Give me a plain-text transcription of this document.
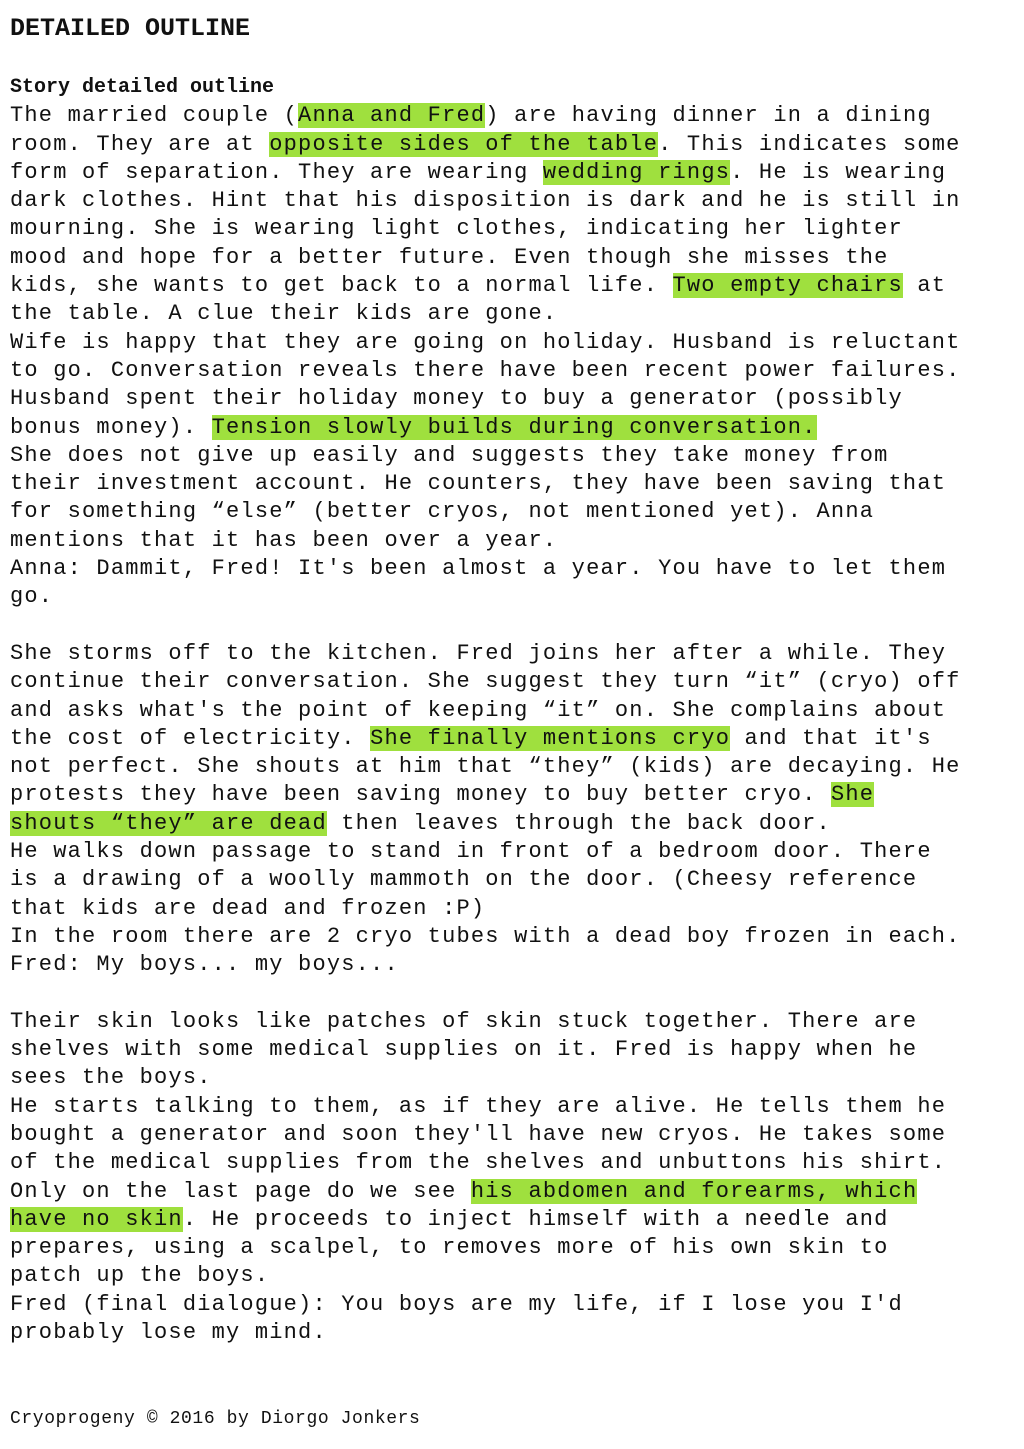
DETAILED OUTLINE
Story detailed outline
The married couple (Anna and Fred) are having dinner in a dining
room. They are at opposite sides of the table. This indicates some
form of separation. They are wearing wedding rings. He is wearing
dark clothes. Hint that his disposition is dark and he is still in
mourning. She is wearing light clothes, indicating her lighter
mood and hope for a better future. Even though she misses the
kids, she wants to get back to a normal life. Two empty chairs at
the table. A clue their kids are gone.
Wife is happy that they are going on holiday. Husband is reluctant
to go. Conversation reveals there have been recent power failures.
Husband spent their holiday money to buy a generator (possibly
bonus money). Tension slowly builds during conversation.
She does not give up easily and suggests they take money from
their investment account. He counters, they have been saving that
for something “else” (better cryos, not mentioned yet). Anna
mentions that it has been over a year.
Anna: Dammit, Fred! It's been almost a year. You have to let them
go.
She storms off to the kitchen. Fred joins her after a while. They
continue their conversation. She suggest they turn “it” (cryo) off
and asks what's the point of keeping “it” on. She complains about
the cost of electricity. She finally mentions cryo and that it's
not perfect. She shouts at him that “they” (kids) are decaying. He
protests they have been saving money to buy better cryo. She
shouts “they” are dead then leaves through the back door.
He walks down passage to stand in front of a bedroom door. There
is a drawing of a woolly mammoth on the door. (Cheesy reference
that kids are dead and frozen :P)
In the room there are 2 cryo tubes with a dead boy frozen in each.
Fred: My boys... my boys...
Their skin looks like patches of skin stuck together. There are
shelves with some medical supplies on it. Fred is happy when he
sees the boys.
He starts talking to them, as if they are alive. He tells them he
bought a generator and soon they'll have new cryos. He takes some
of the medical supplies from the shelves and unbuttons his shirt.
Only on the last page do we see his abdomen and forearms, which
have no skin. He proceeds to inject himself with a needle and
prepares, using a scalpel, to removes more of his own skin to
patch up the boys.
Fred (final dialogue): You boys are my life, if I lose you I'd
probably lose my mind.
Cryoprogeny © 2016 by Diorgo Jonkers
